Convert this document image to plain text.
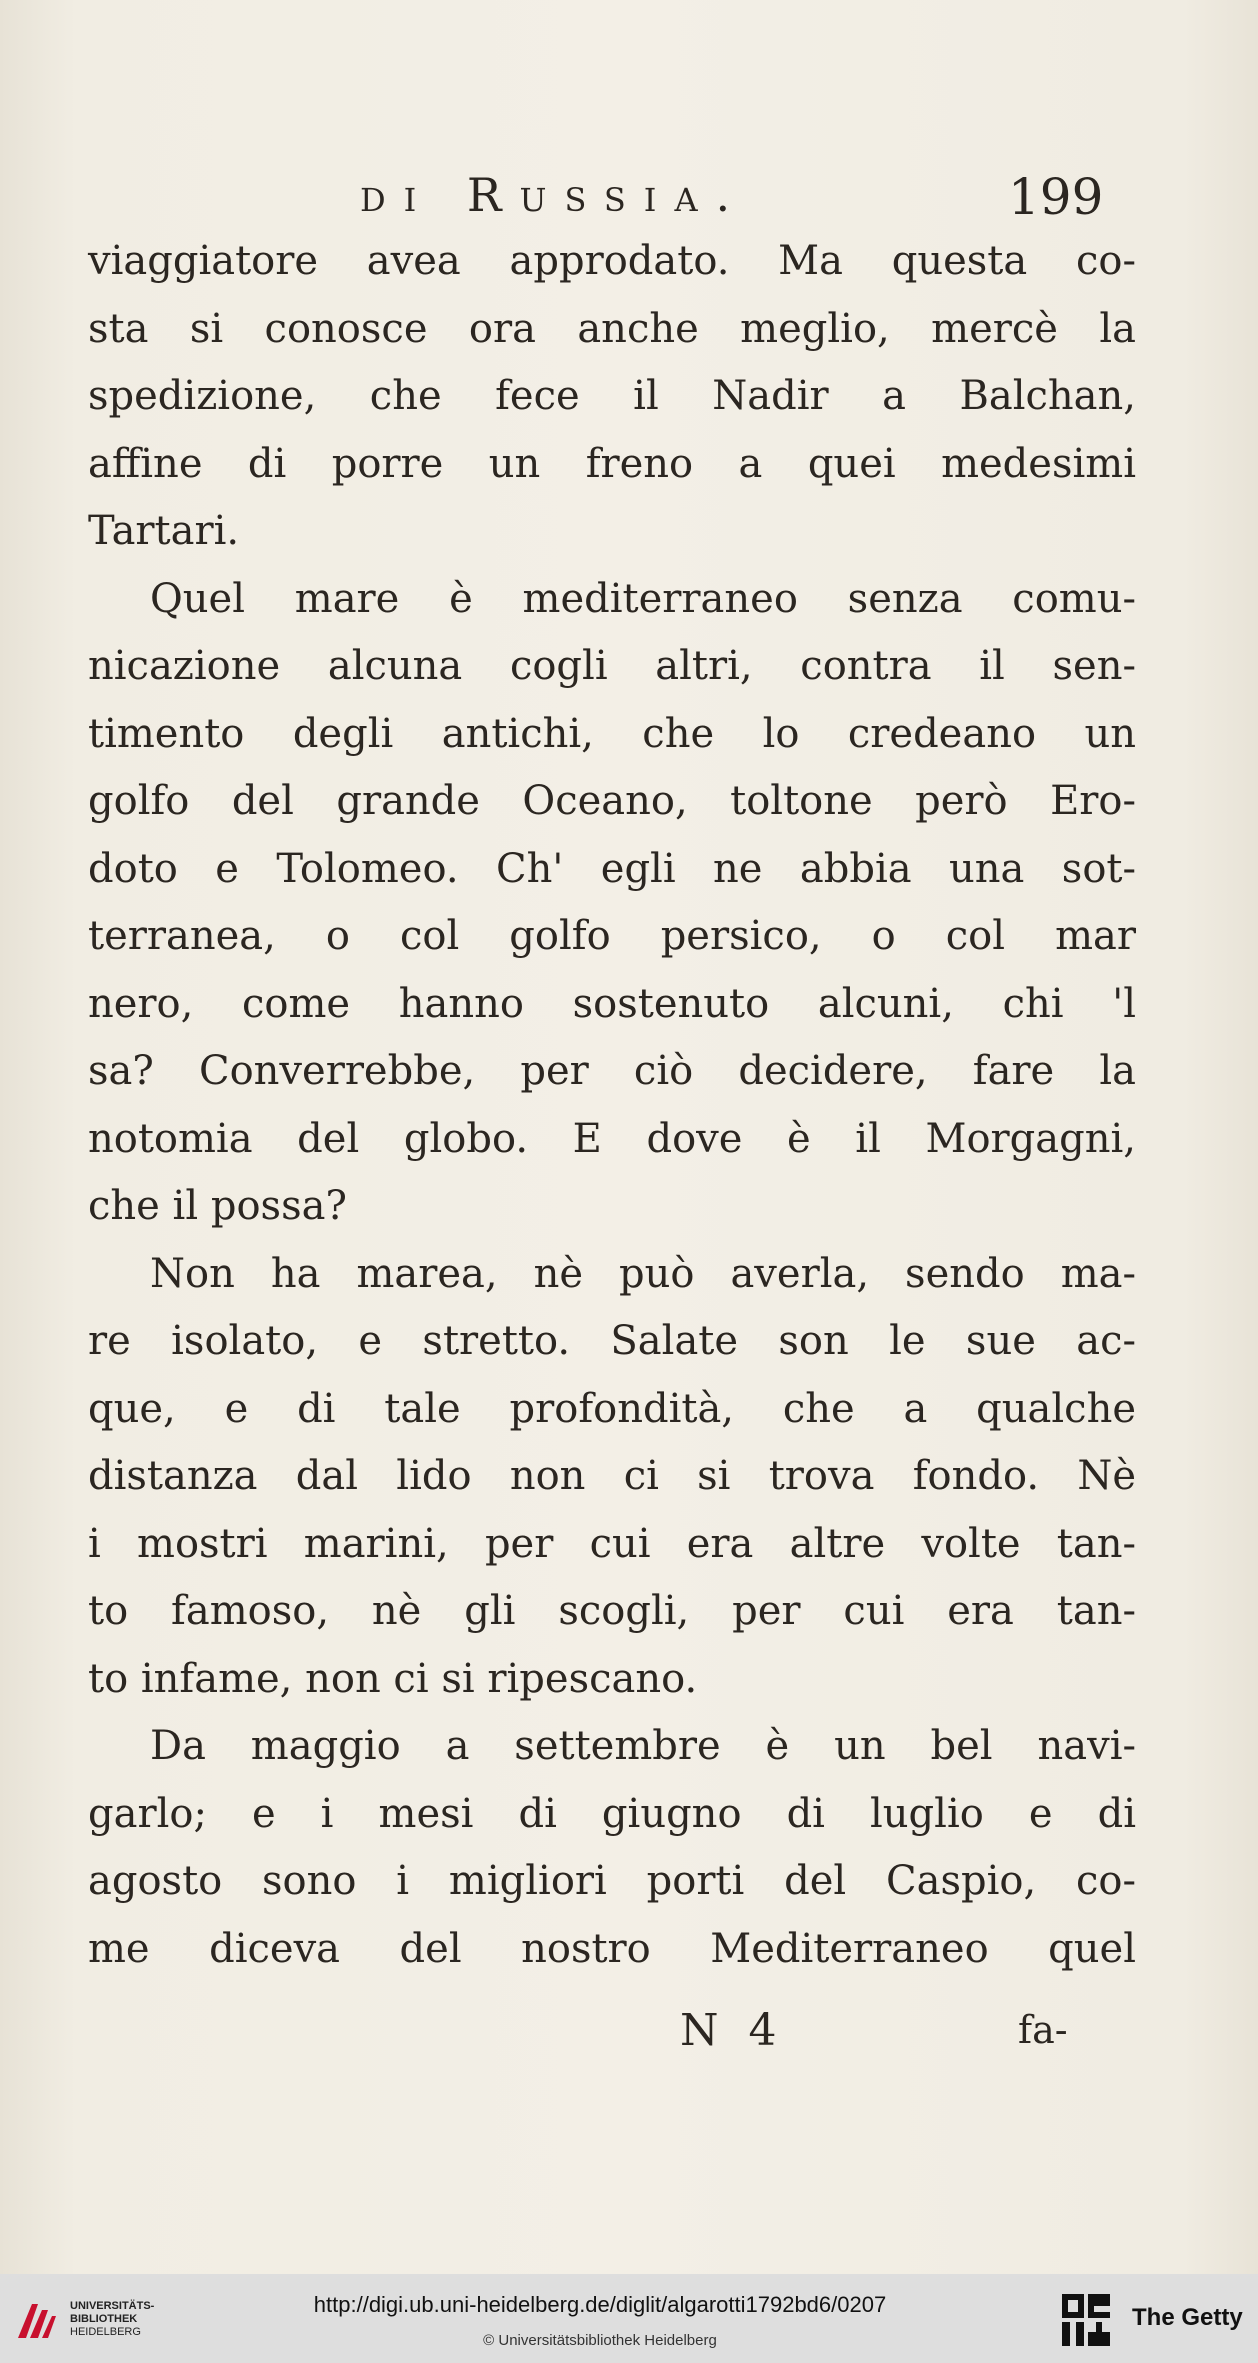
di Russia.	199
viaggiatore avea approdato. Ma questa co-
sta si conosce ora anche meglio, mercè la
spedizione, che fece il Nadir a Balchan,
affine di porre un freno a quei medesimi
Tartari.
Quel mare è mediterraneo senza comu-
nicazione alcuna cogli altri, contra il sen-
timento degli antichi, che lo credeano un
golfo del grande Oceano, toltone però Ero-
doto e Tolomeo. Ch' egli ne abbia una sot-
terranea, o col golfo persico, o col mar
nero, come hanno sostenuto alcuni, chi 'l
sa? Converrebbe, per ciò decidere, fare la
notomia del globo. E dove è il Morgagni,
che il possa?
Non ha marea, nè può averla, sendo ma-
re isolato, e stretto. Salate son le sue ac-
que, e di tale profondità, che a qualche
distanza dal lido non ci si trova fondo. Nè
i mostri marini, per cui era altre volte tan-
to famoso, nè gli scogli, per cui era tan-
to infame, non ci si ripescano.
Da maggio a settembre è un bel navi-
garlo; e i mesi di giugno di luglio e di
agosto sono i migliori porti del Caspio, co-
me diceva del nostro Mediterraneo quel
N 4	fa-
UNIVERSITÄTS-
BIBLIOTHEK
HEIDELBERG
http://digi.ub.uni-heidelberg.de/diglit/algarotti1792bd6/0207
© Universitätsbibliothek Heidelberg
The Getty
